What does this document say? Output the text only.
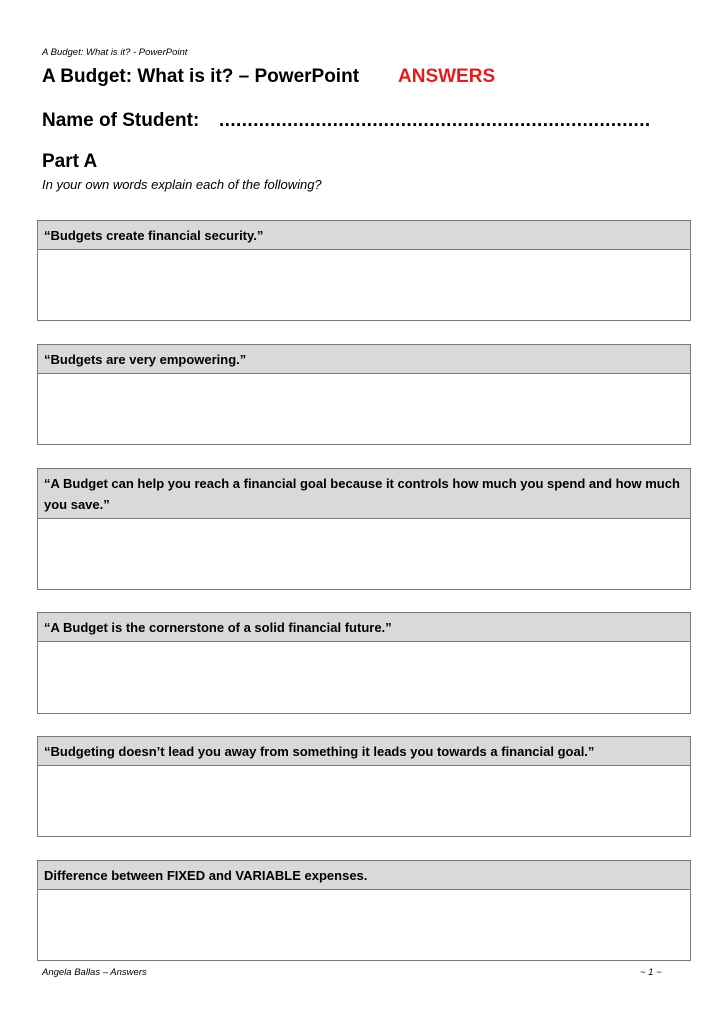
A Budget: What is it? - PowerPoint
A Budget: What is it? – PowerPoint ANSWERS
Name of Student: ............................................................................
Part A
In your own words explain each of the following?
“Budgets create financial security.”
“Budgets are very empowering.”
“A Budget can help you reach a financial goal because it controls how much you spend and how much you save.”
“A Budget is the cornerstone of a solid financial future.”
“Budgeting doesn’t lead you away from something it leads you towards a financial goal.”
Difference between FIXED and VARIABLE expenses.
Angela Ballas – Answers	~ 1 ~
